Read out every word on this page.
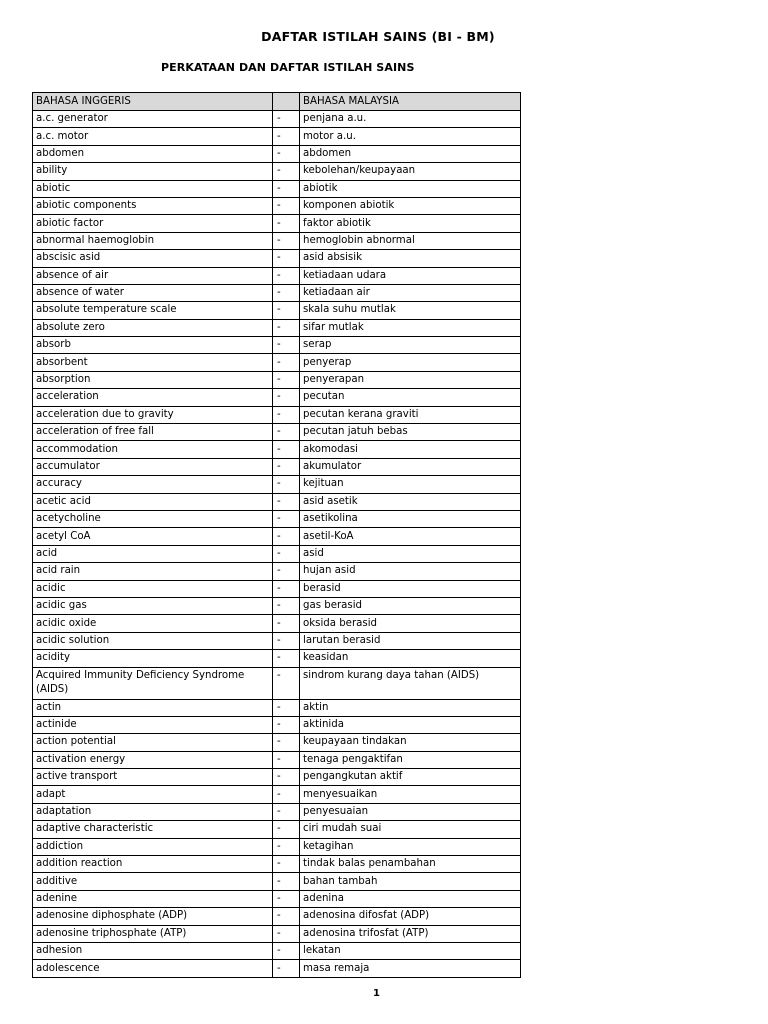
DAFTAR ISTILAH SAINS (BI - BM)
PERKATAAN DAN DAFTAR ISTILAH SAINS
BAHASA INGGERIS		BAHASA MALAYSIA
a.c. generator	-	penjana a.u.
a.c. motor	-	motor a.u.
abdomen	-	abdomen
ability	-	kebolehan/keupayaan
abiotic	-	abiotik
abiotic components	-	komponen abiotik
abiotic factor	-	faktor abiotik
abnormal haemoglobin	-	hemoglobin abnormal
abscisic asid	-	asid absisik
absence of air	-	ketiadaan udara
absence of water	-	ketiadaan air
absolute temperature scale	-	skala suhu mutlak
absolute zero	-	sifar mutlak
absorb	-	serap
absorbent	-	penyerap
absorption	-	penyerapan
acceleration	-	pecutan
acceleration due to gravity	-	pecutan kerana graviti
acceleration of free fall	-	pecutan jatuh bebas
accommodation	-	akomodasi
accumulator	-	akumulator
accuracy	-	kejituan
acetic acid	-	asid asetik
acetycholine	-	asetikolina
acetyl CoA	-	asetil-KoA
acid	-	asid
acid rain	-	hujan asid
acidic	-	berasid
acidic gas	-	gas berasid
acidic oxide	-	oksida berasid
acidic solution	-	larutan berasid
acidity	-	keasidan
Acquired Immunity Deficiency Syndrome (AIDS)	-	sindrom kurang daya tahan (AIDS)
actin	-	aktin
actinide	-	aktinida
action potential	-	keupayaan tindakan
activation energy	-	tenaga pengaktifan
active transport	-	pengangkutan aktif
adapt	-	menyesuaikan
adaptation	-	penyesuaian
adaptive characteristic	-	ciri mudah suai
addiction	-	ketagihan
addition reaction	-	tindak balas penambahan
additive	-	bahan tambah
adenine	-	adenina
adenosine diphosphate (ADP)	-	adenosina difosfat (ADP)
adenosine triphosphate (ATP)	-	adenosina trifosfat (ATP)
adhesion	-	lekatan
adolescence	-	masa remaja
1
